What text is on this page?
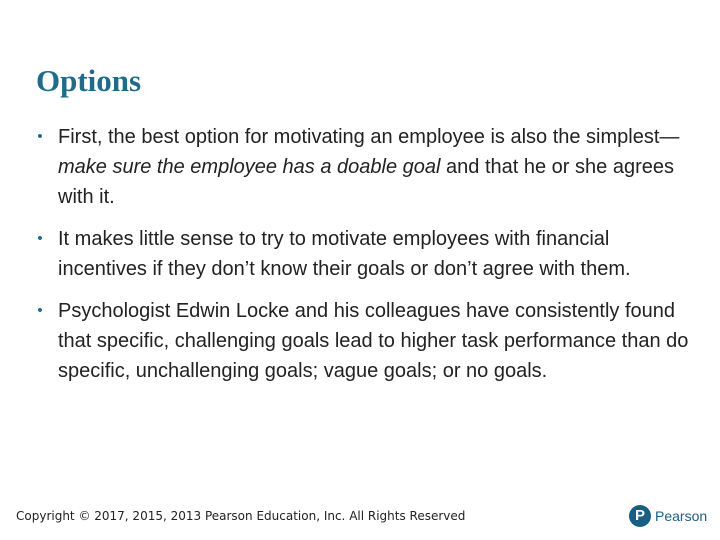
Options
• First, the best option for motivating an employee is also the simplest—make sure the employee has a doable goal and that he or she agrees with it.
• It makes little sense to try to motivate employees with financial incentives if they don’t know their goals or don’t agree with them.
• Psychologist Edwin Locke and his colleagues have consistently found that specific, challenging goals lead to higher task performance than do specific, unchallenging goals; vague goals; or no goals.
Copyright © 2017, 2015, 2013 Pearson Education, Inc. All Rights Reserved	P Pearson
